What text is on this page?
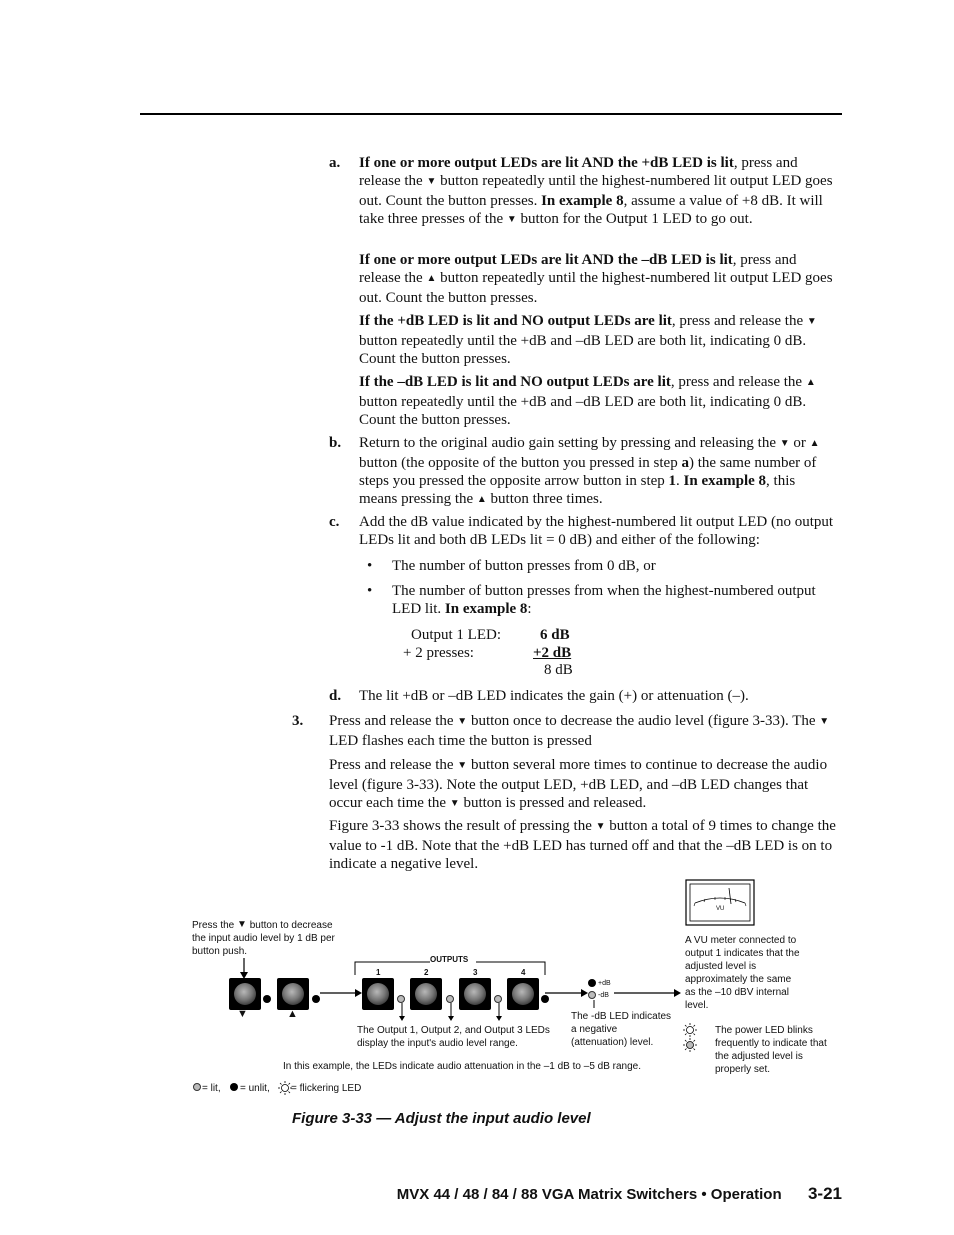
a. If one or more output LEDs are lit AND the +dB LED is lit, press and release the ▼ button repeatedly until the highest-numbered lit output LED goes out. Count the button presses. In example 8, assume a value of +8 dB. It will take three presses of the ▼ button for the Output 1 LED to go out.

If one or more output LEDs are lit AND the –dB LED is lit, press and release the ▲ button repeatedly until the highest-numbered lit output LED goes out. Count the button presses.

If the +dB LED is lit and NO output LEDs are lit, press and release the ▼ button repeatedly until the +dB and –dB LED are both lit, indicating 0 dB. Count the button presses.

If the –dB LED is lit and NO output LEDs are lit, press and release the ▲ button repeatedly until the +dB and –dB LED are both lit, indicating 0 dB. Count the button presses.

b. Return to the original audio gain setting by pressing and releasing the ▼ or ▲ button (the opposite of the button you pressed in step a) the same number of steps you pressed the opposite arrow button in step 1. In example 8, this means pressing the ▲ button three times.

c. Add the dB value indicated by the highest-numbered lit output LED (no output LEDs lit and both dB LEDs lit = 0 dB) and either of the following:

• The number of button presses from 0 dB, or

• The number of button presses from when the highest-numbered output LED lit. In example 8:

Output 1 LED:	6 dB
+ 2 presses:	+2 dB
8 dB
d. The lit +dB or –dB LED indicates the gain (+) or attenuation (–).

3. Press and release the ▼ button once to decrease the audio level (figure 3-33). The ▼ LED flashes each time the button is pressed

Press and release the ▼ button several more times to continue to decrease the audio level (figure 3-33). Note the output LED, +dB LED, and –dB LED changes that occur each time the ▼ button is pressed and released.

Figure 3-33 shows the result of pressing the ▼ button a total of 9 times to change the value to -1 dB. Note that the +dB LED has turned off and that the –dB LED is on to indicate a negative level.

Press the ▼ button to decrease the input audio level by 1 dB per button push.
▼	▲
OUTPUTS
1	2	3	4
+dB
-dB
VU
A VU meter connected to output 1 indicates that the adjusted level is approximately the same as the –10 dBV internal level.
The Output 1, Output 2, and Output 3 LEDs display the input's audio level range.
The -dB LED indicates a negative (attenuation) level.
The power LED blinks frequently to indicate that the adjusted level is properly set.
In this example, the LEDs indicate audio attenuation in the –1 dB to –5 dB range.
= lit, = unlit, = flickering LED
Figure 3-33 — Adjust the input audio level
MVX 44 / 48 / 84 / 88 VGA Matrix Switchers • Operation 3-21
